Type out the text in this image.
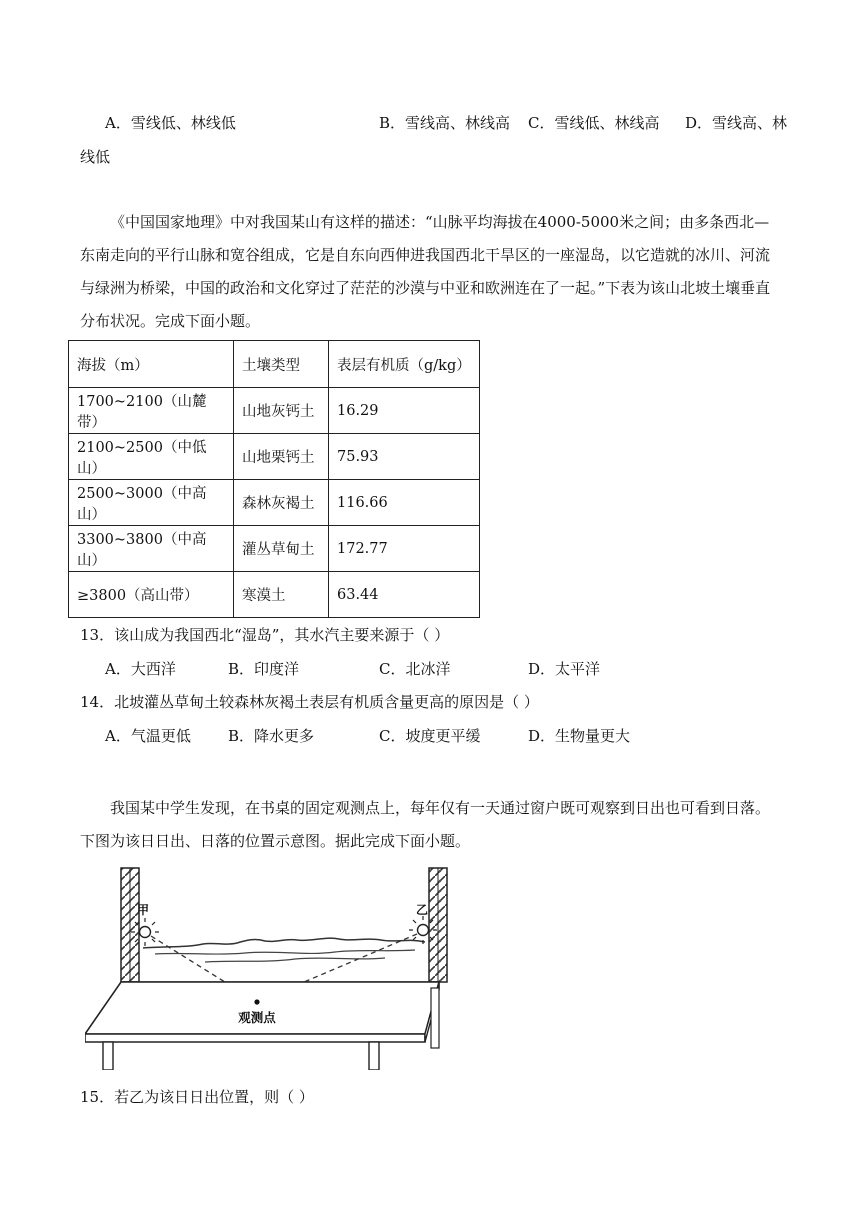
A．雪线低、林线低	B．雪线高、林线高 C．雪线低、林线高 D．雪线高、林
线低
《中国国家地理》中对我国某山有这样的描述：“山脉平均海拔在4000-5000米之间；由多条西北—
东南走向的平行山脉和宽谷组成，它是自东向西伸进我国西北干旱区的一座湿岛，以它造就的冰川、河流
与绿洲为桥梁，中国的政治和文化穿过了茫茫的沙漠与中亚和欧洲连在了一起。”下表为该山北坡土壤垂直
分布状况。完成下面小题。
海拔（m）	土壤类型	表层有机质（g/kg）
1700~2100（山麓带）	山地灰钙土	16.29
2100~2500（中低山）	山地栗钙土	75.93
2500~3000（中高山）	森林灰褐土	116.66
3300~3800（中高山）	灌丛草甸土	172.77
≥3800（高山带）	寒漠土	63.44
13．该山成为我国西北“湿岛”，其水汽主要来源于（ ）
A．大西洋	B．印度洋	C．北冰洋	D．太平洋
14．北坡灌丛草甸土较森林灰褐土表层有机质含量更高的原因是（ ）
A．气温更低 B．降水更多	C．坡度更平缓	D．生物量更大
我国某中学生发现，在书桌的固定观测点上，每年仅有一天通过窗户既可观察到日出也可看到日落。
下图为该日日出、日落的位置示意图。据此完成下面小题。
甲	乙
观测点
15．若乙为该日日出位置，则（ ）
